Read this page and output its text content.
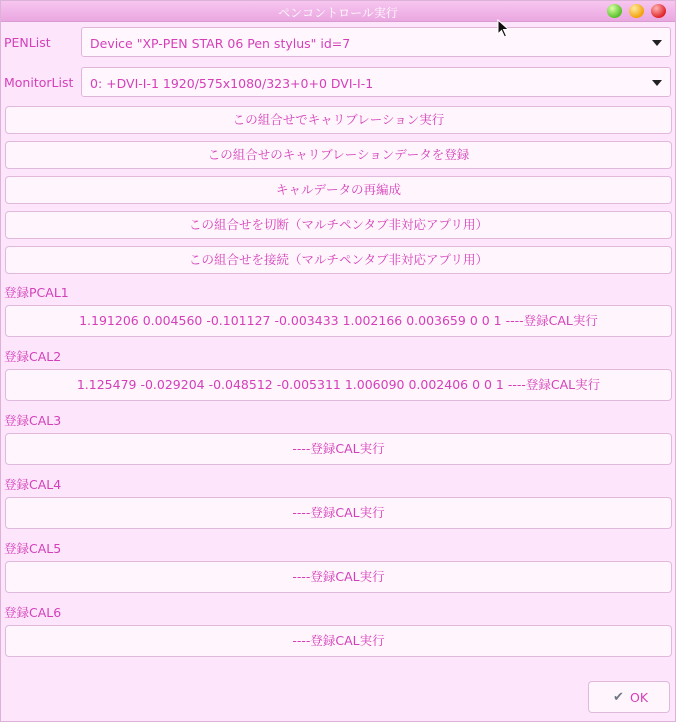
ペンコントロール実行
PENList	Device "XP-PEN STAR 06 Pen stylus" id=7
MonitorList 0: +DVI-I-1 1920/575x1080/323+0+0 DVI-I-1
この組合せでキャリブレーション実行
この組合せのキャリブレーションデータを登録
キャルデータの再編成
この組合せを切断（マルチペンタブ非対応アプリ用）
この組合せを接続（マルチペンタブ非対応アプリ用）
登録PCAL1
1.191206 0.004560 -0.101127 -0.003433 1.002166 0.003659 0 0 1 ----登録CAL実行
登録CAL2
1.125479 -0.029204 -0.048512 -0.005311 1.006090 0.002406 0 0 1 ----登録CAL実行
登録CAL3
----登録CAL実行
登録CAL4
----登録CAL実行
登録CAL5
----登録CAL実行
登録CAL6
----登録CAL実行
✔ OK
